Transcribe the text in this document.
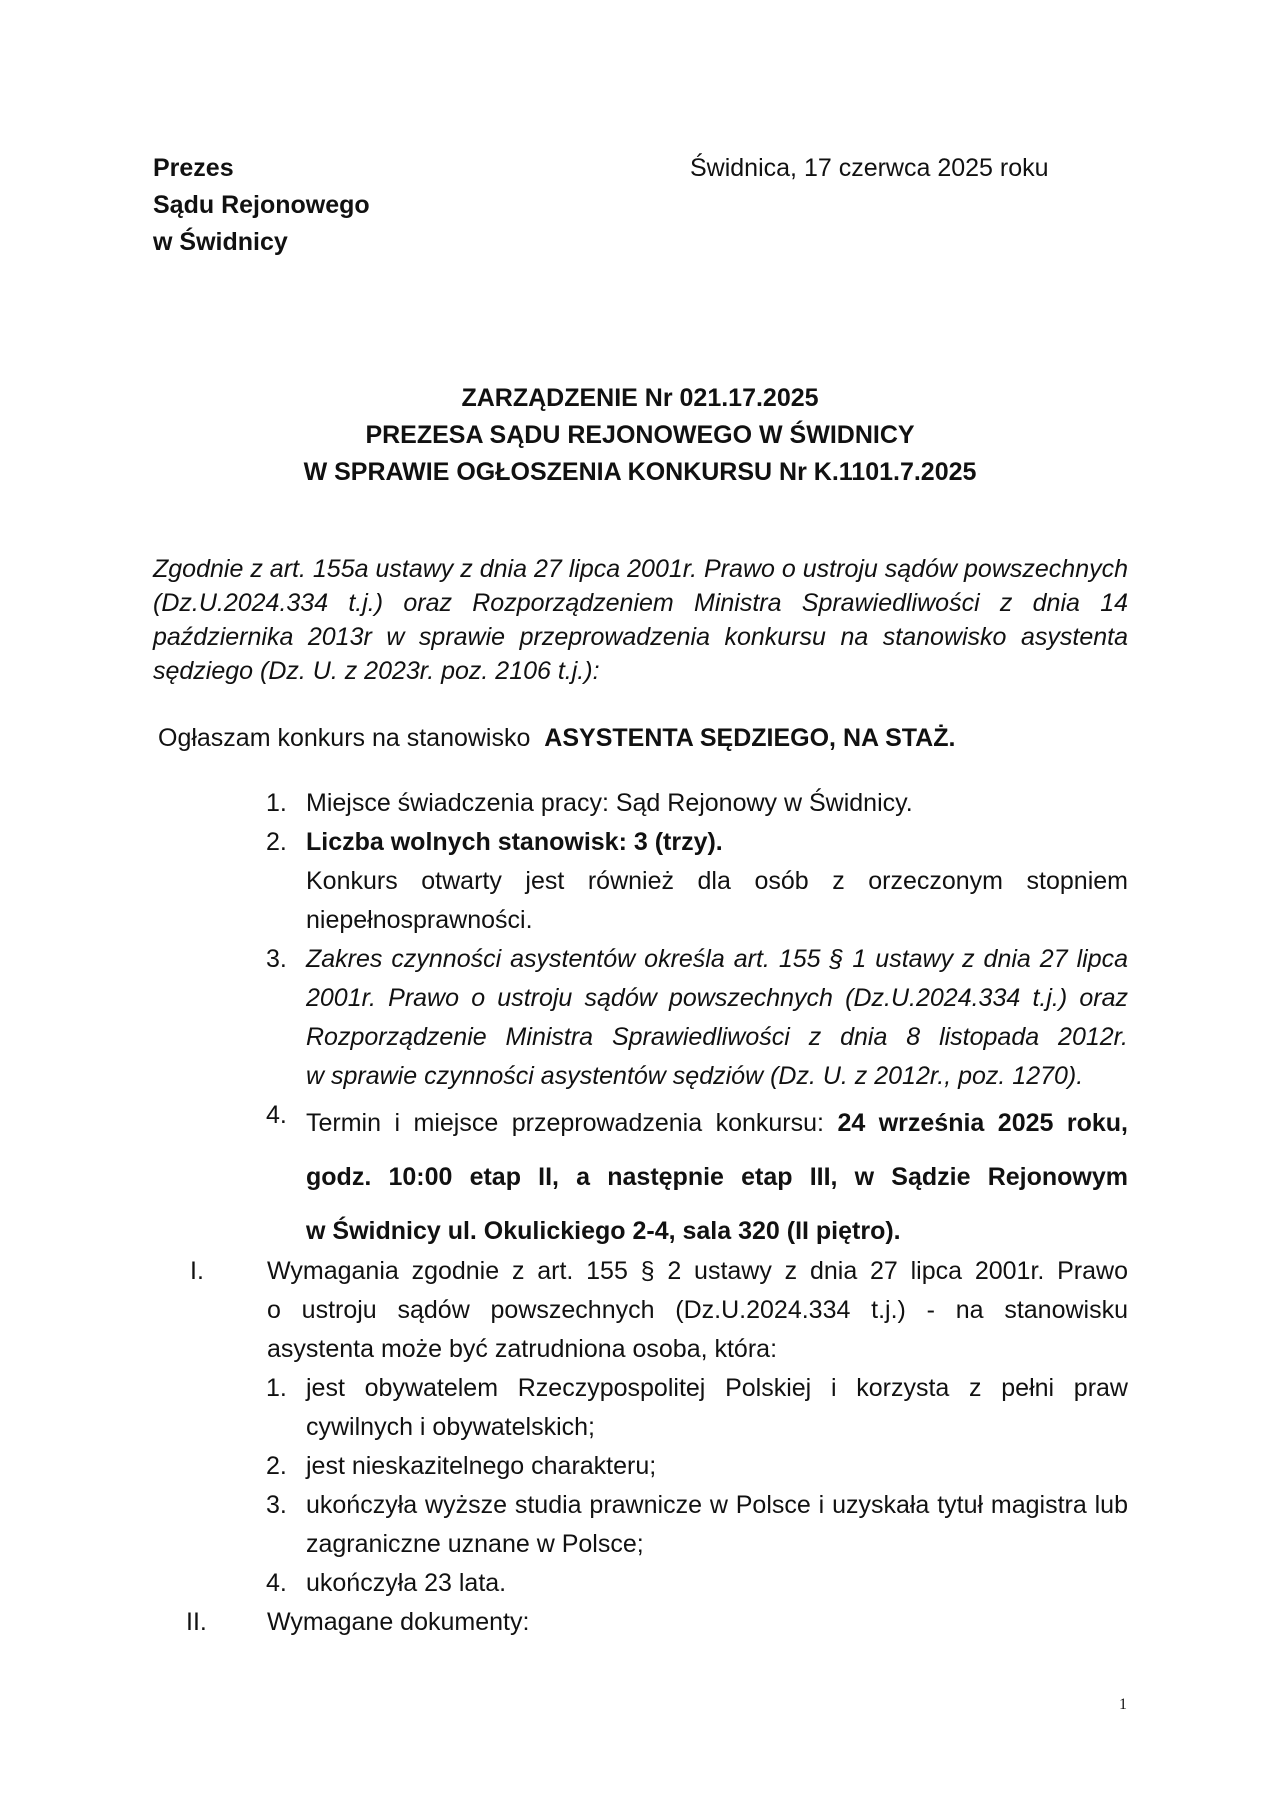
Prezes
Sądu Rejonowego
w Świdnicy
Świdnica, 17 czerwca 2025 roku
ZARZĄDZENIE Nr 021.17.2025
PREZESA SĄDU REJONOWEGO W ŚWIDNICY
W SPRAWIE OGŁOSZENIA KONKURSU Nr K.1101.7.2025
Zgodnie z art. 155a ustawy z dnia 27 lipca 2001r. Prawo o ustroju sądów powszechnych
(Dz.U.2024.334 t.j.) oraz Rozporządzeniem Ministra Sprawiedliwości z dnia 14
października 2013r w sprawie przeprowadzenia konkursu na stanowisko asystenta
sędziego (Dz. U. z 2023r. poz. 2106 t.j.):
Ogłaszam konkurs na stanowisko ASYSTENTA SĘDZIEGO, NA STAŻ.
1. Miejsce świadczenia pracy: Sąd Rejonowy w Świdnicy.
2. Liczba wolnych stanowisk: 3 (trzy).
Konkurs otwarty jest również dla osób z orzeczonym stopniem
niepełnosprawności.
3. Zakres czynności asystentów określa art. 155 § 1 ustawy z dnia 27 lipca
2001r. Prawo o ustroju sądów powszechnych (Dz.U.2024.334 t.j.) oraz
Rozporządzenie Ministra Sprawiedliwości z dnia 8 listopada 2012r.
w sprawie czynności asystentów sędziów (Dz. U. z 2012r., poz. 1270).
4. Termin i miejsce przeprowadzenia konkursu: 24 września 2025 roku,
godz. 10:00 etap II, a następnie etap III, w Sądzie Rejonowym
w Świdnicy ul. Okulickiego 2-4, sala 320 (II piętro).
I.	Wymagania zgodnie z art. 155 § 2 ustawy z dnia 27 lipca 2001r. Prawo
o ustroju sądów powszechnych (Dz.U.2024.334 t.j.) - na stanowisku
asystenta może być zatrudniona osoba, która:
1. jest obywatelem Rzeczypospolitej Polskiej i korzysta z pełni praw
cywilnych i obywatelskich;
2. jest nieskazitelnego charakteru;
3. ukończyła wyższe studia prawnicze w Polsce i uzyskała tytuł magistra lub
zagraniczne uznane w Polsce;
4. ukończyła 23 lata.
II. Wymagane dokumenty:
1
